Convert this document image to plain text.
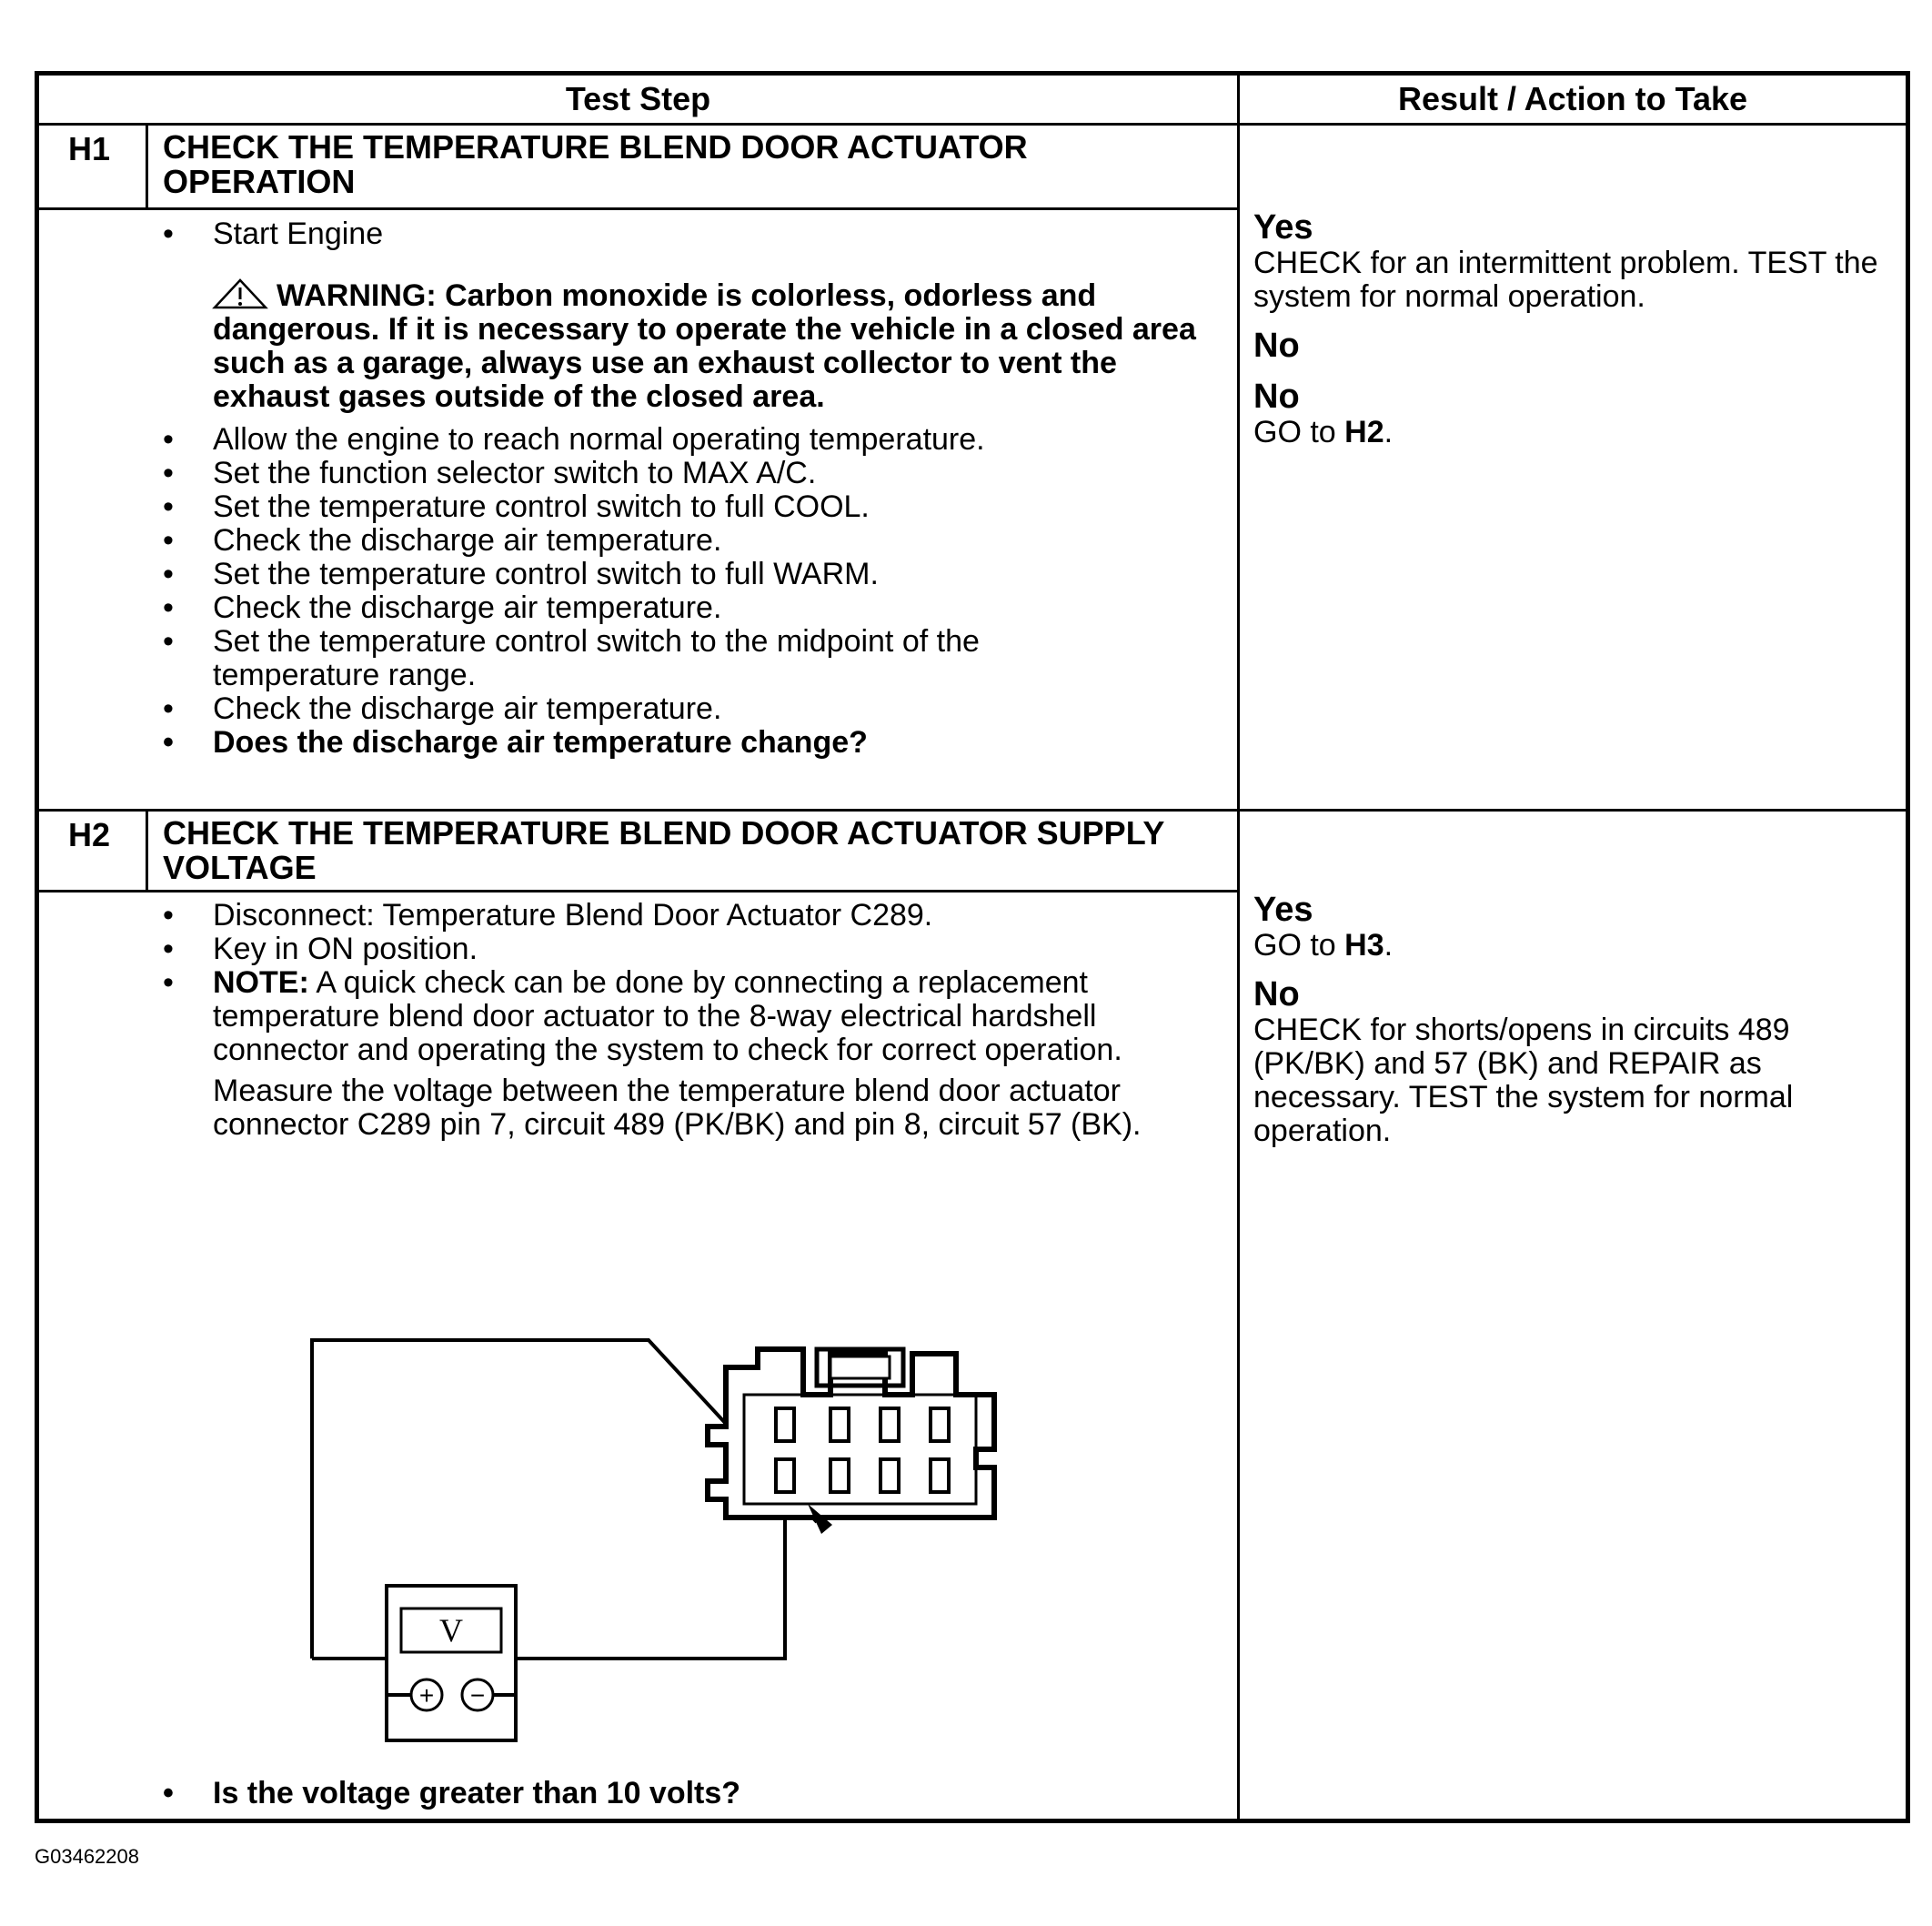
Test Step	Result / Action to Take
H1 CHECK THE TEMPERATURE BLEND DOOR ACTUATOR OPERATION
• Start Engine
WARNING: Carbon monoxide is colorless, odorless and dangerous. If it is necessary to operate the vehicle in a closed area such as a garage, always use an exhaust collector to vent the exhaust gases outside of the closed area.
• Allow the engine to reach normal operating temperature.
• Set the function selector switch to MAX A/C.
• Set the temperature control switch to full COOL.
• Check the discharge air temperature.
• Set the temperature control switch to full WARM.
• Check the discharge air temperature.
• Set the temperature control switch to the midpoint of the temperature range.
• Check the discharge air temperature.
• Does the discharge air temperature change?
Yes
CHECK for an intermittent problem. TEST the system for normal operation.
No
No
GO to H2.
H2 CHECK THE TEMPERATURE BLEND DOOR ACTUATOR SUPPLY VOLTAGE
• Disconnect: Temperature Blend Door Actuator C289.
• Key in ON position.
• NOTE: A quick check can be done by connecting a replacement temperature blend door actuator to the 8-way electrical hardshell connector and operating the system to check for correct operation.
Measure the voltage between the temperature blend door actuator connector C289 pin 7, circuit 489 (PK/BK) and pin 8, circuit 57 (BK).
V
+ −
• Is the voltage greater than 10 volts?
Yes
GO to H3.
No
CHECK for shorts/opens in circuits 489 (PK/BK) and 57 (BK) and REPAIR as necessary. TEST the system for normal operation.
G03462208
